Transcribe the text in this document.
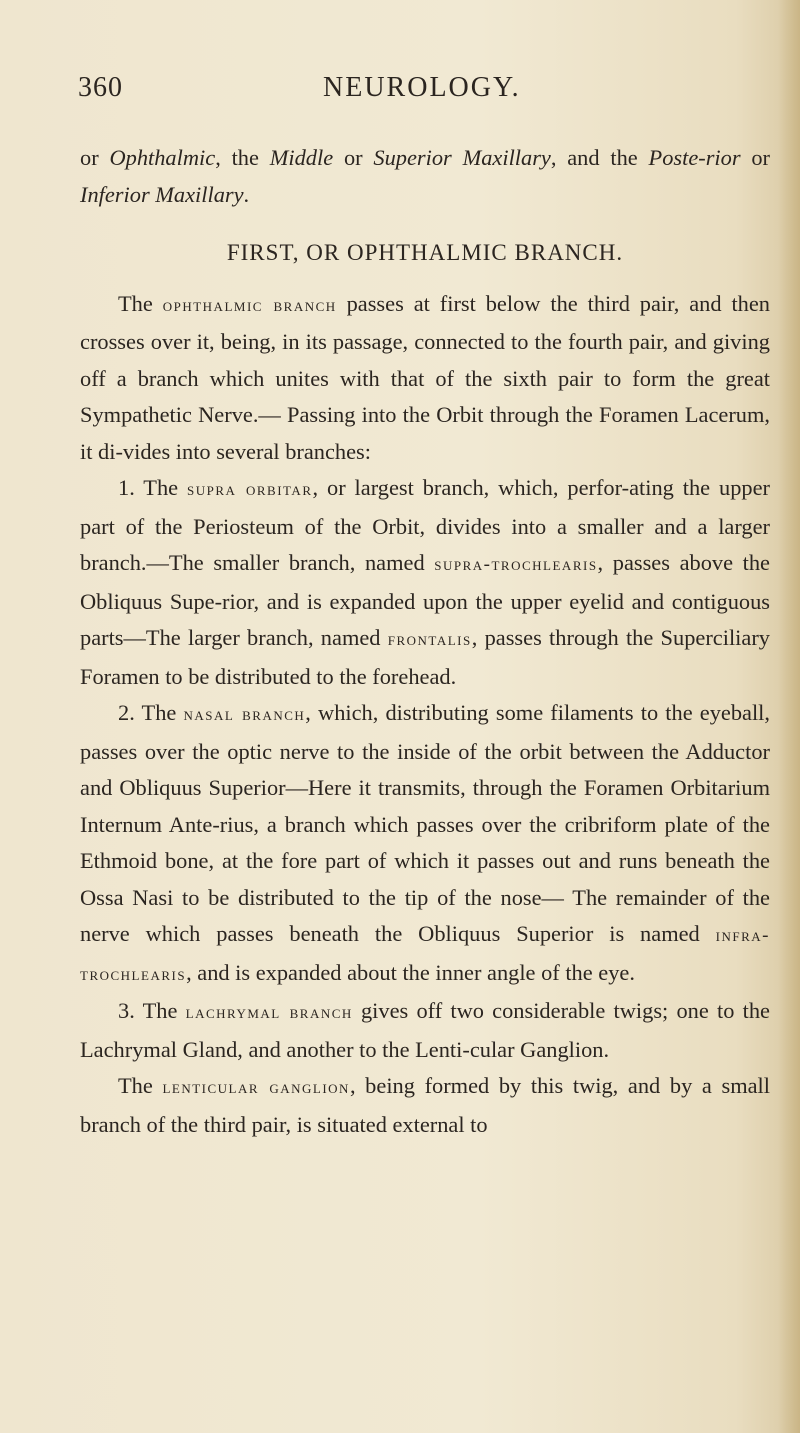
360	NEUROLOGY.

or Ophthalmic, the Middle or Superior Maxillary, and the Poste-rior or Inferior Maxillary.

FIRST, OR OPHTHALMIC BRANCH.

The ophthalmic branch passes at first below the third pair, and then crosses over it, being, in its passage, connected to the fourth pair, and giving off a branch which unites with that of the sixth pair to form the great Sympathetic Nerve.— Passing into the Orbit through the Foramen Lacerum, it di-vides into several branches:

1. The supra orbitar, or largest branch, which, perfor-ating the upper part of the Periosteum of the Orbit, divides into a smaller and a larger branch.—The smaller branch, named supra-trochlearis, passes above the Obliquus Supe-rior, and is expanded upon the upper eyelid and contiguous parts—The larger branch, named frontalis, passes through the Superciliary Foramen to be distributed to the forehead.

2. The nasal branch, which, distributing some filaments to the eyeball, passes over the optic nerve to the inside of the orbit between the Adductor and Obliquus Superior—Here it transmits, through the Foramen Orbitarium Internum Ante-rius, a branch which passes over the cribriform plate of the Ethmoid bone, at the fore part of which it passes out and runs beneath the Ossa Nasi to be distributed to the tip of the nose— The remainder of the nerve which passes beneath the Obliquus Superior is named infra-trochlearis, and is expanded about the inner angle of the eye.

3. The lachrymal branch gives off two considerable twigs; one to the Lachrymal Gland, and another to the Lenti-cular Ganglion.

The lenticular ganglion, being formed by this twig, and by a small branch of the third pair, is situated external to
